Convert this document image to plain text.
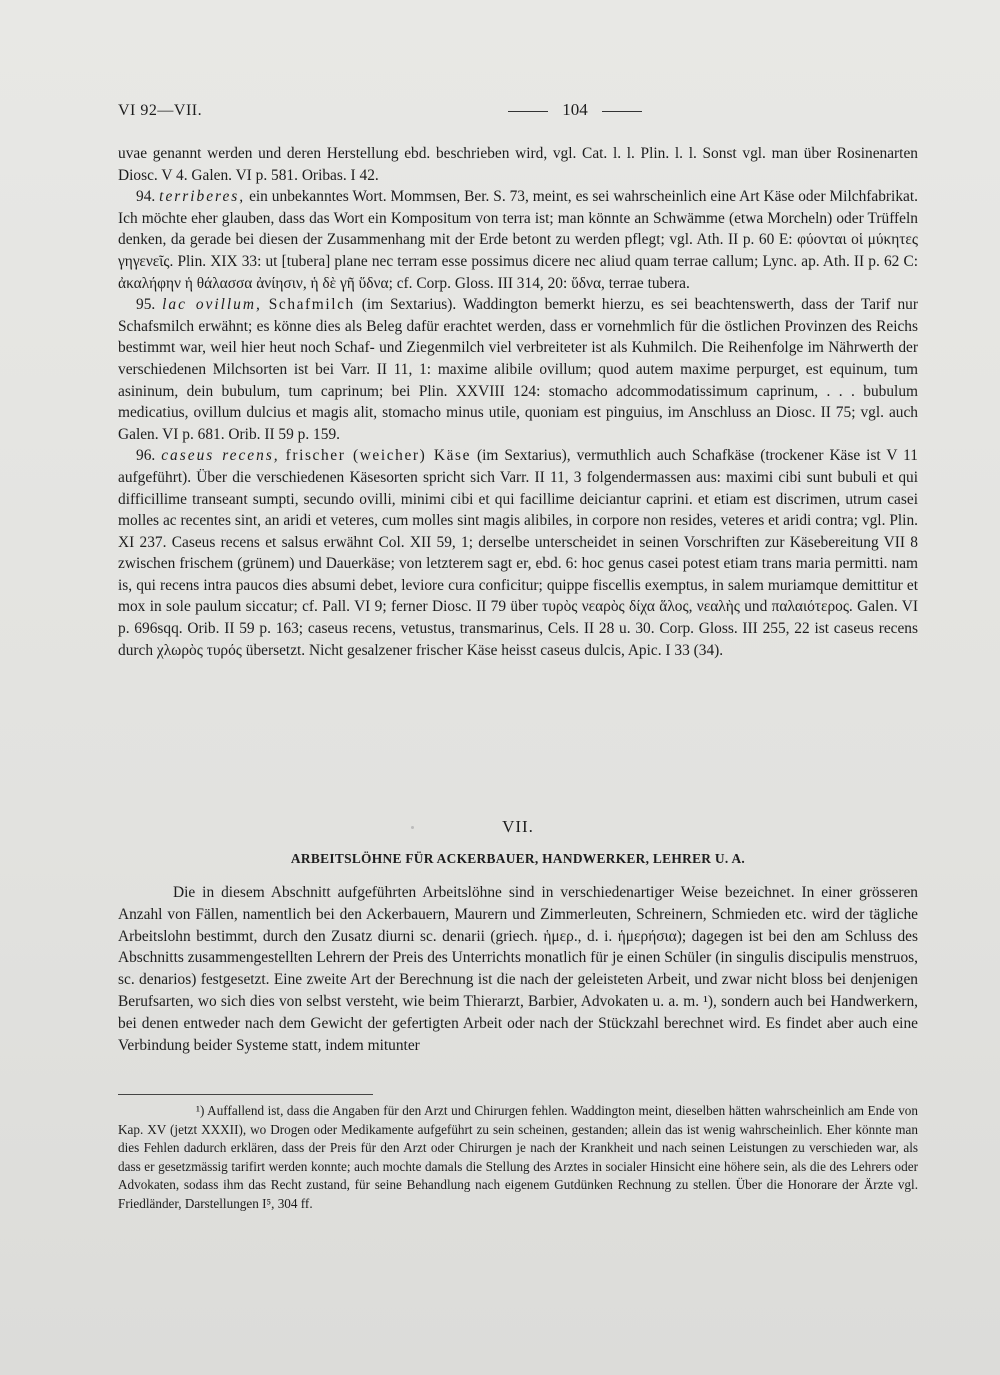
VI 92—VII.	104

uvae genannt werden und deren Herstellung ebd. beschrieben wird, vgl. Cat. l. l. Plin. l. l. Sonst vgl. man über Rosinenarten Diosc. V 4. Galen. VI p. 581. Oribas. I 42.

94. terriberes, ein unbekanntes Wort. Mommsen, Ber. S. 73, meint, es sei wahrscheinlich eine Art Käse oder Milchfabrikat. Ich möchte eher glauben, dass das Wort ein Kompositum von terra ist; man könnte an Schwämme (etwa Morcheln) oder Trüffeln denken, da gerade bei diesen der Zusammenhang mit der Erde betont zu werden pflegt; vgl. Ath. II p. 60 E: φύονται οἱ μύκητες γηγενεῖς. Plin. XIX 33: ut [tubera] plane nec terram esse possimus dicere nec aliud quam terrae callum; Lync. ap. Ath. II p. 62 C: ἀκαλήφην ἡ θάλασσα ἀνίησιν, ἡ δὲ γῆ ὕδνα; cf. Corp. Gloss. III 314, 20: ὕδνα, terrae tubera.

95. lac ovillum, Schafmilch (im Sextarius). Waddington bemerkt hierzu, es sei beachtenswerth, dass der Tarif nur Schafsmilch erwähnt; es könne dies als Beleg dafür erachtet werden, dass er vornehmlich für die östlichen Provinzen des Reichs bestimmt war, weil hier heut noch Schaf- und Ziegenmilch viel verbreiteter ist als Kuhmilch. Die Reihenfolge im Nährwerth der verschiedenen Milchsorten ist bei Varr. II 11, 1: maxime alibile ovillum; quod autem maxime perpurget, est equinum, tum asininum, dein bubulum, tum caprinum; bei Plin. XXVIII 124: stomacho adcommodatissimum caprinum, . . . bubulum medicatius, ovillum dulcius et magis alit, stomacho minus utile, quoniam est pinguius, im Anschluss an Diosc. II 75; vgl. auch Galen. VI p. 681. Orib. II 59 p. 159.

96. caseus recens, frischer (weicher) Käse (im Sextarius), vermuthlich auch Schafkäse (trockener Käse ist V 11 aufgeführt). Über die verschiedenen Käsesorten spricht sich Varr. II 11, 3 folgendermassen aus: maximi cibi sunt bubuli et qui difficillime transeant sumpti, secundo ovilli, minimi cibi et qui facillime deiciantur caprini. et etiam est discrimen, utrum casei molles ac recentes sint, an aridi et veteres, cum molles sint magis alibiles, in corpore non resides, veteres et aridi contra; vgl. Plin. XI 237. Caseus recens et salsus erwähnt Col. XII 59, 1; derselbe unterscheidet in seinen Vorschriften zur Käsebereitung VII 8 zwischen frischem (grünem) und Dauerkäse; von letzterem sagt er, ebd. 6: hoc genus casei potest etiam trans maria permitti. nam is, qui recens intra paucos dies absumi debet, leviore cura conficitur; quippe fiscellis exemptus, in salem muriamque demittitur et mox in sole paulum siccatur; cf. Pall. VI 9; ferner Diosc. II 79 über τυρὸς νεαρὸς δίχα ἅλος, νεαλὴς und παλαιότερος. Galen. VI p. 696sqq. Orib. II 59 p. 163; caseus recens, vetustus, transmarinus, Cels. II 28 u. 30. Corp. Gloss. III 255, 22 ist caseus recens durch χλωρὸς τυρός übersetzt. Nicht gesalzener frischer Käse heisst caseus dulcis, Apic. I 33 (34).

VII.
ARBEITSLÖHNE FÜR ACKERBAUER, HANDWERKER, LEHRER U. A.

Die in diesem Abschnitt aufgeführten Arbeitslöhne sind in verschiedenartiger Weise bezeichnet. In einer grösseren Anzahl von Fällen, namentlich bei den Ackerbauern, Maurern und Zimmerleuten, Schreinern, Schmieden etc. wird der tägliche Arbeitslohn bestimmt, durch den Zusatz diurni sc. denarii (griech. ἡμερ., d. i. ἡμερήσια); dagegen ist bei den am Schluss des Abschnitts zusammengestellten Lehrern der Preis des Unterrichts monatlich für je einen Schüler (in singulis discipulis menstruos, sc. denarios) festgesetzt. Eine zweite Art der Berechnung ist die nach der geleisteten Arbeit, und zwar nicht bloss bei denjenigen Berufsarten, wo sich dies von selbst versteht, wie beim Thierarzt, Barbier, Advokaten u. a. m. ¹), sondern auch bei Handwerkern, bei denen entweder nach dem Gewicht der gefertigten Arbeit oder nach der Stückzahl berechnet wird. Es findet aber auch eine Verbindung beider Systeme statt, indem mitunter

¹) Auffallend ist, dass die Angaben für den Arzt und Chirurgen fehlen. Waddington meint, dieselben hätten wahrscheinlich am Ende von Kap. XV (jetzt XXXII), wo Drogen oder Medikamente aufgeführt zu sein scheinen, gestanden; allein das ist wenig wahrscheinlich. Eher könnte man dies Fehlen dadurch erklären, dass der Preis für den Arzt oder Chirurgen je nach der Krankheit und nach seinen Leistungen zu verschieden war, als dass er gesetzmässig tarifirt werden konnte; auch mochte damals die Stellung des Arztes in socialer Hinsicht eine höhere sein, als die des Lehrers oder Advokaten, sodass ihm das Recht zustand, für seine Behandlung nach eigenem Gutdünken Rechnung zu stellen. Über die Honorare der Ärzte vgl. Friedländer, Darstellungen I⁵, 304 ff.
